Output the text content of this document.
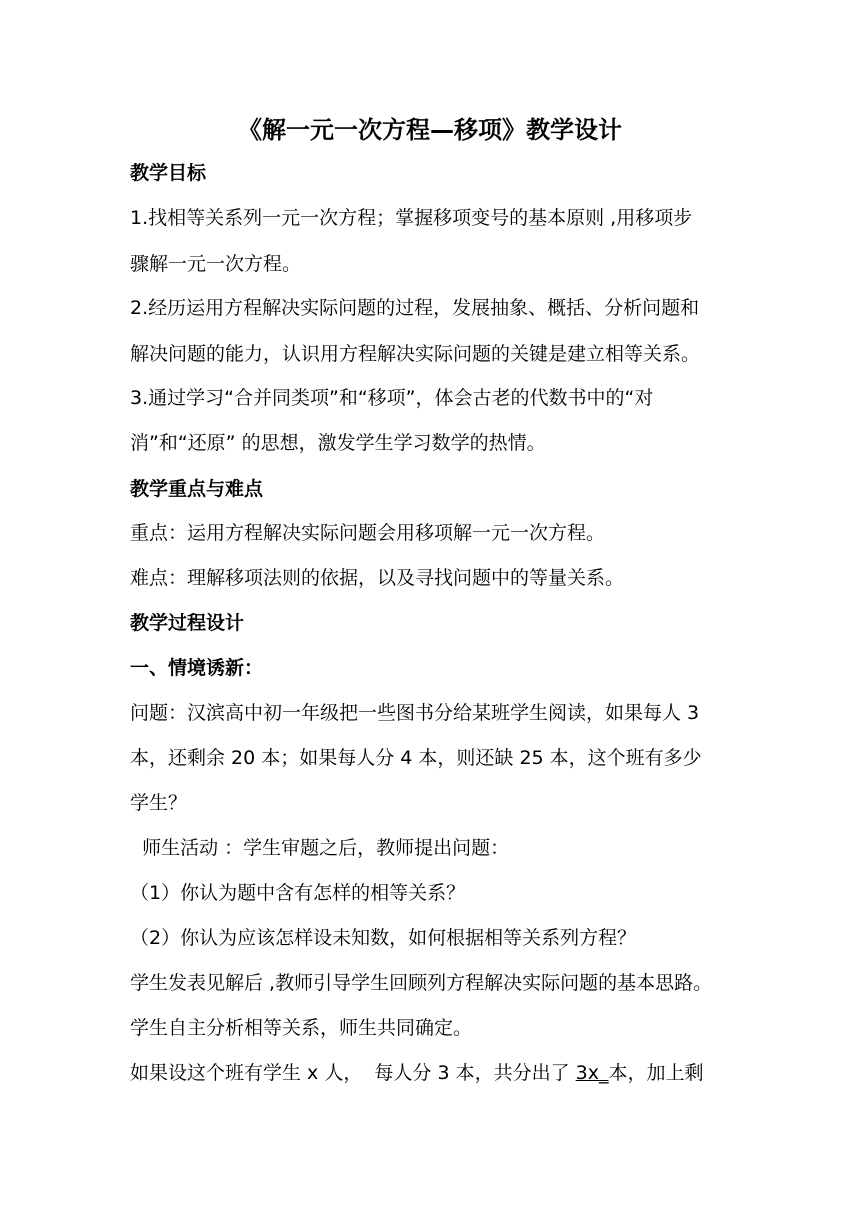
《解一元一次方程—移项》教学设计
教学目标
1.找相等关系列一元一次方程；掌握移项变号的基本原则 ,用移项步
骤解一元一次方程。
2.经历运用方程解决实际问题的过程，发展抽象、概括、分析问题和
解决问题的能力，认识用方程解决实际问题的关键是建立相等关系。
3.通过学习“合并同类项”和“移项”，体会古老的代数书中的“对
消”和“还原” 的思想，激发学生学习数学的热情。
教学重点与难点
重点：运用方程解决实际问题会用移项解一元一次方程。
难点：理解移项法则的依据，以及寻找问题中的等量关系。
教学过程设计
一、情境诱新：
问题：汉滨高中初一年级把一些图书分给某班学生阅读，如果每人 3
本，还剩余 20 本；如果每人分 4 本，则还缺 25 本，这个班有多少
学生？
师生活动 ：学生审题之后，教师提出问题：
（1）你认为题中含有怎样的相等关系？
（2）你认为应该怎样设未知数，如何根据相等关系列方程？
学生发表见解后 ,教师引导学生回顾列方程解决实际问题的基本思路。
学生自主分析相等关系，师生共同确定。
如果设这个班有学生 x 人，  每人分 3 本，共分出了 3x_本，加上剩
